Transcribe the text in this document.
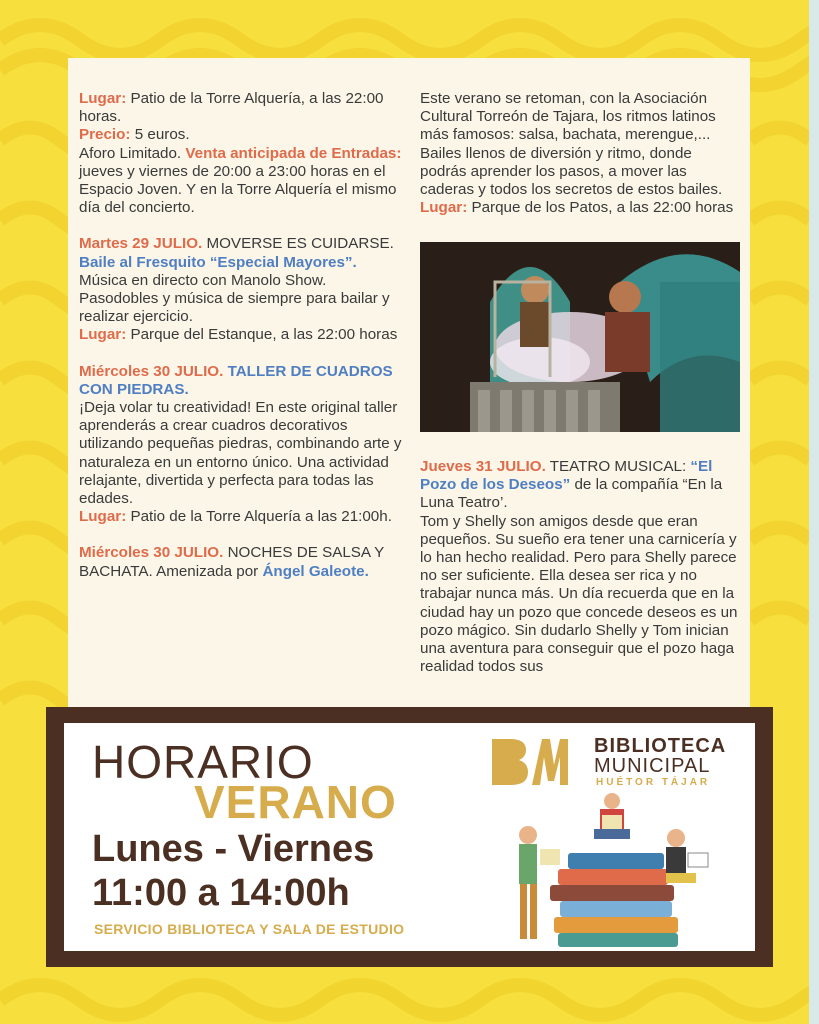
Lugar: Patio de la Torre Alquería, a las 22:00 horas.
Precio: 5 euros.
Aforo Limitado. Venta anticipada de Entradas: jueves y viernes de 20:00 a 23:00 horas en el Espacio Joven. Y en la Torre Alquería el mismo día del concierto.

Martes 29 JULIO. MOVERSE ES CUIDARSE. Baile al Fresquito “Especial Mayores”. Música en directo con Manolo Show. Pasodobles y música de siempre para bailar y realizar ejercicio.
Lugar: Parque del Estanque, a las 22:00 horas

Miércoles 30 JULIO. TALLER DE CUADROS CON PIEDRAS.
¡Deja volar tu creatividad! En este original taller aprenderás a crear cuadros decorativos utilizando pequeñas piedras, combinando arte y naturaleza en un entorno único. Una actividad relajante, divertida y perfecta para todas las edades.
Lugar: Patio de la Torre Alquería a las 21:00h.

Miércoles 30 JULIO. NOCHES DE SALSA Y BACHATA. Amenizada por Ángel Galeote.

Este verano se retoman, con la Asociación Cultural Torreón de Tajara, los ritmos latinos más famosos: salsa, bachata, merengue,... Bailes llenos de diversión y ritmo, donde podrás aprender los pasos, a mover las caderas y todos los secretos de estos bailes.
Lugar: Parque de los Patos, a las 22:00 horas
Jueves 31 JULIO. TEATRO MUSICAL: “El Pozo de los Deseos” de la compañía “En la Luna Teatro’.
Tom y Shelly son amigos desde que eran pequeños. Su sueño era tener una carnicería y lo han hecho realidad. Pero para Shelly parece no ser suficiente. Ella desea ser rica y no trabajar nunca más. Un día recuerda que en la ciudad hay un pozo que concede deseos es un pozo mágico. Sin dudarlo Shelly y Tom inician una aventura para conseguir que el pozo haga realidad todos sus
HORARIO
VERANO
Lunes - Viernes
11:00 a 14:00h
SERVICIO BIBLIOTECA Y SALA DE ESTUDIO
BIBLIOTECA
MUNICIPAL
HUÉTOR TÁJAR
